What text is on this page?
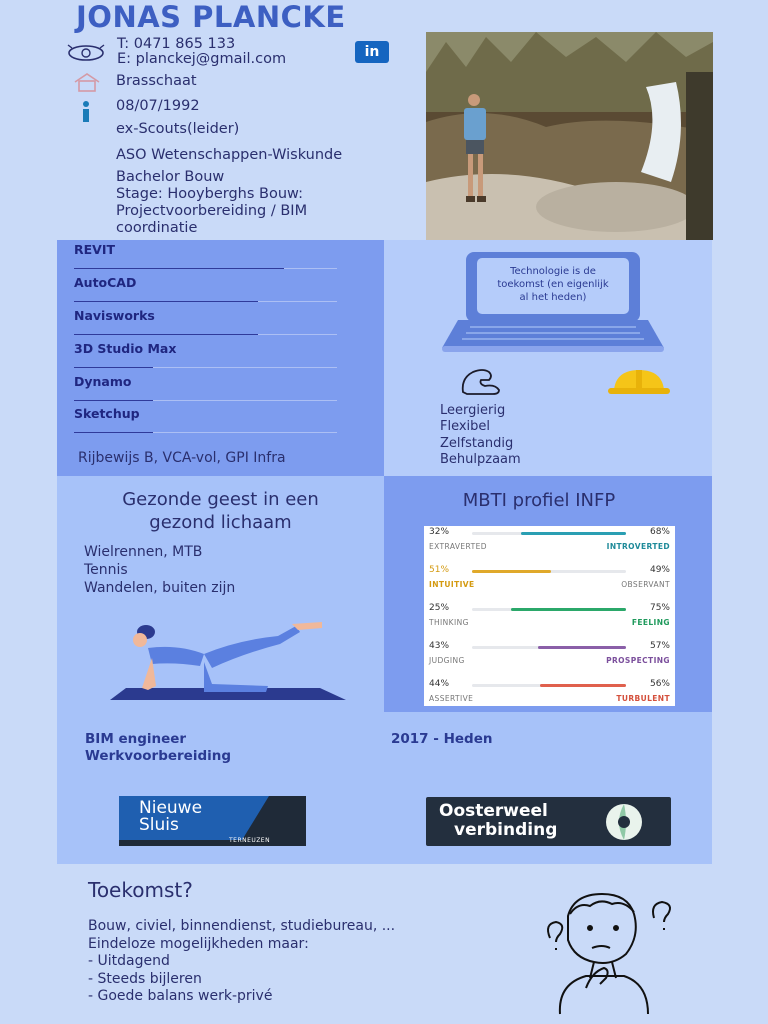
JONAS PLANCKE
in
T: 0471 865 133
E: planckej@gmail.com
Brasschaat
08/07/1992
ex-Scouts(leider)
ASO Wetenschappen-Wiskunde
Bachelor Bouw
Stage: Hooyberghs Bouw:
Projectvoorbereiding / BIM
coordinatie
REVIT
AutoCAD
Navisworks
3D Studio Max
Dynamo
Sketchup
Rijbewijs B, VCA-vol, GPI Infra
Technologie is de
toekomst (en eigenlijk
al het heden)
Leergierig
Flexibel
Zelfstandig
Behulpzaam
Gezonde geest in een
gezond lichaam
Wielrennen, MTB
Tennis
Wandelen, buiten zijn
MBTI profiel INFP
32%	68%
EXTRAVERTED	INTROVERTED
51%	49%
INTUITIVE	OBSERVANT
25%	75%
THINKING	FEELING
43%	57%
JUDGING	PROSPECTING
44%	56%
ASSERTIVE	TURBULENT
BIM engineer
Werkvoorbereiding
2017 - Heden
Nieuwe
Sluis
TERNEUZEN
Oosterweel
verbinding
Toekomst?
Bouw, civiel, binnendienst, studiebureau, ...
Eindeloze mogelijkheden maar:
- Uitdagend
- Steeds bijleren
- Goede balans werk-privé
